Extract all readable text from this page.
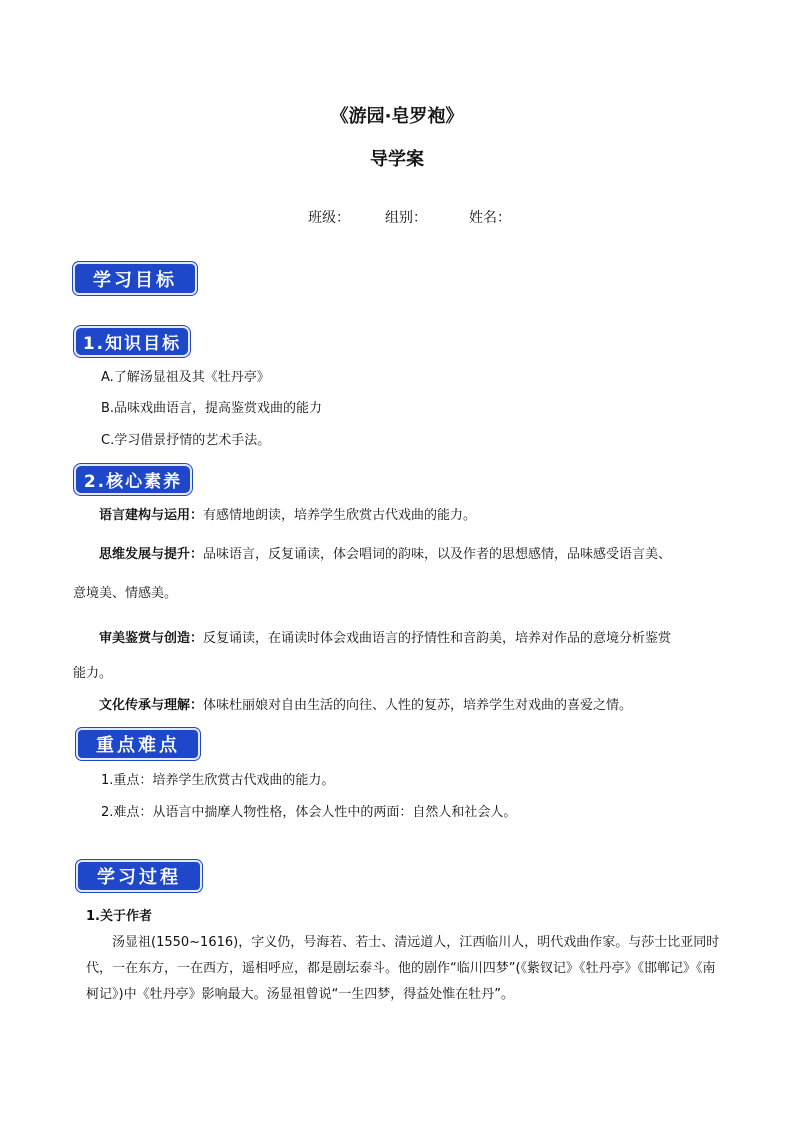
《游园·皂罗袍》
导学案
班级：	组别：	姓名：
学习目标
1.知识目标
A.了解汤显祖及其《牡丹亭》
B.品味戏曲语言，提高鉴赏戏曲的能力
C.学习借景抒情的艺术手法。
2.核心素养
语言建构与运用：有感情地朗读，培养学生欣赏古代戏曲的能力。
思维发展与提升：品味语言，反复诵读，体会唱词的韵味，以及作者的思想感情，品味感受语言美、
意境美、情感美。
审美鉴赏与创造：反复诵读，在诵读时体会戏曲语言的抒情性和音韵美，培养对作品的意境分析鉴赏
能力。
文化传承与理解：体味杜丽娘对自由生活的向往、人性的复苏，培养学生对戏曲的喜爱之情。
重点难点
1.重点：培养学生欣赏古代戏曲的能力。
2.难点：从语言中揣摩人物性格，体会人性中的两面：自然人和社会人。
学习过程
1.关于作者
汤显祖(1550~1616)，字义仍，号海若、若士、清远道人，江西临川人，明代戏曲作家。与莎士比亚同时代，一在东方，一在西方，遥相呼应，都是剧坛泰斗。他的剧作“临川四梦”(《紫钗记》《牡丹亭》《邯郸记》《南柯记》)中《牡丹亭》影响最大。汤显祖曾说“一生四梦，得益处惟在牡丹”。
